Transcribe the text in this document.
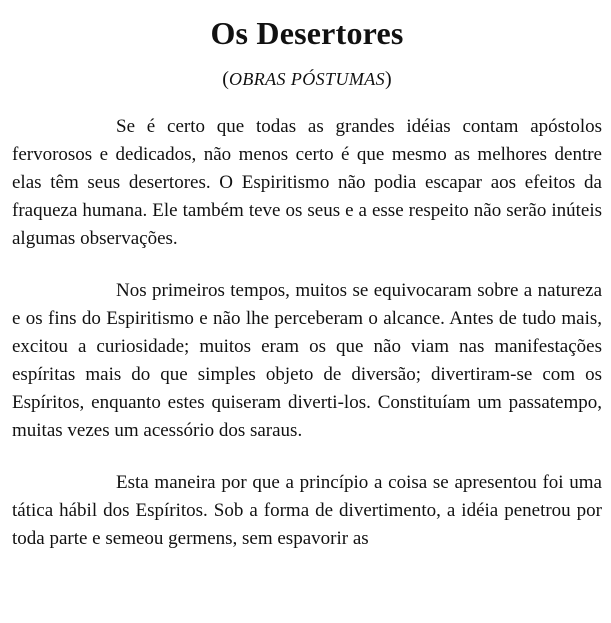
Os Desertores
(OBRAS PÓSTUMAS)

Se é certo que todas as grandes idéias contam apóstolos fervorosos e dedicados, não menos certo é que mesmo as melhores dentre elas têm seus desertores. O Espiritismo não podia escapar aos efeitos da fraqueza humana. Ele também teve os seus e a esse respeito não serão inúteis algumas observações.

Nos primeiros tempos, muitos se equivocaram sobre a natureza e os fins do Espiritismo e não lhe perceberam o alcance. Antes de tudo mais, excitou a curiosidade; muitos eram os que não viam nas manifestações espíritas mais do que simples objeto de diversão; divertiram-se com os Espíritos, enquanto estes quiseram diverti-los. Constituíam um passatempo, muitas vezes um acessório dos saraus.

Esta maneira por que a princípio a coisa se apresentou foi uma tática hábil dos Espíritos. Sob a forma de divertimento, a idéia penetrou por toda parte e semeou germens, sem espavorir as
